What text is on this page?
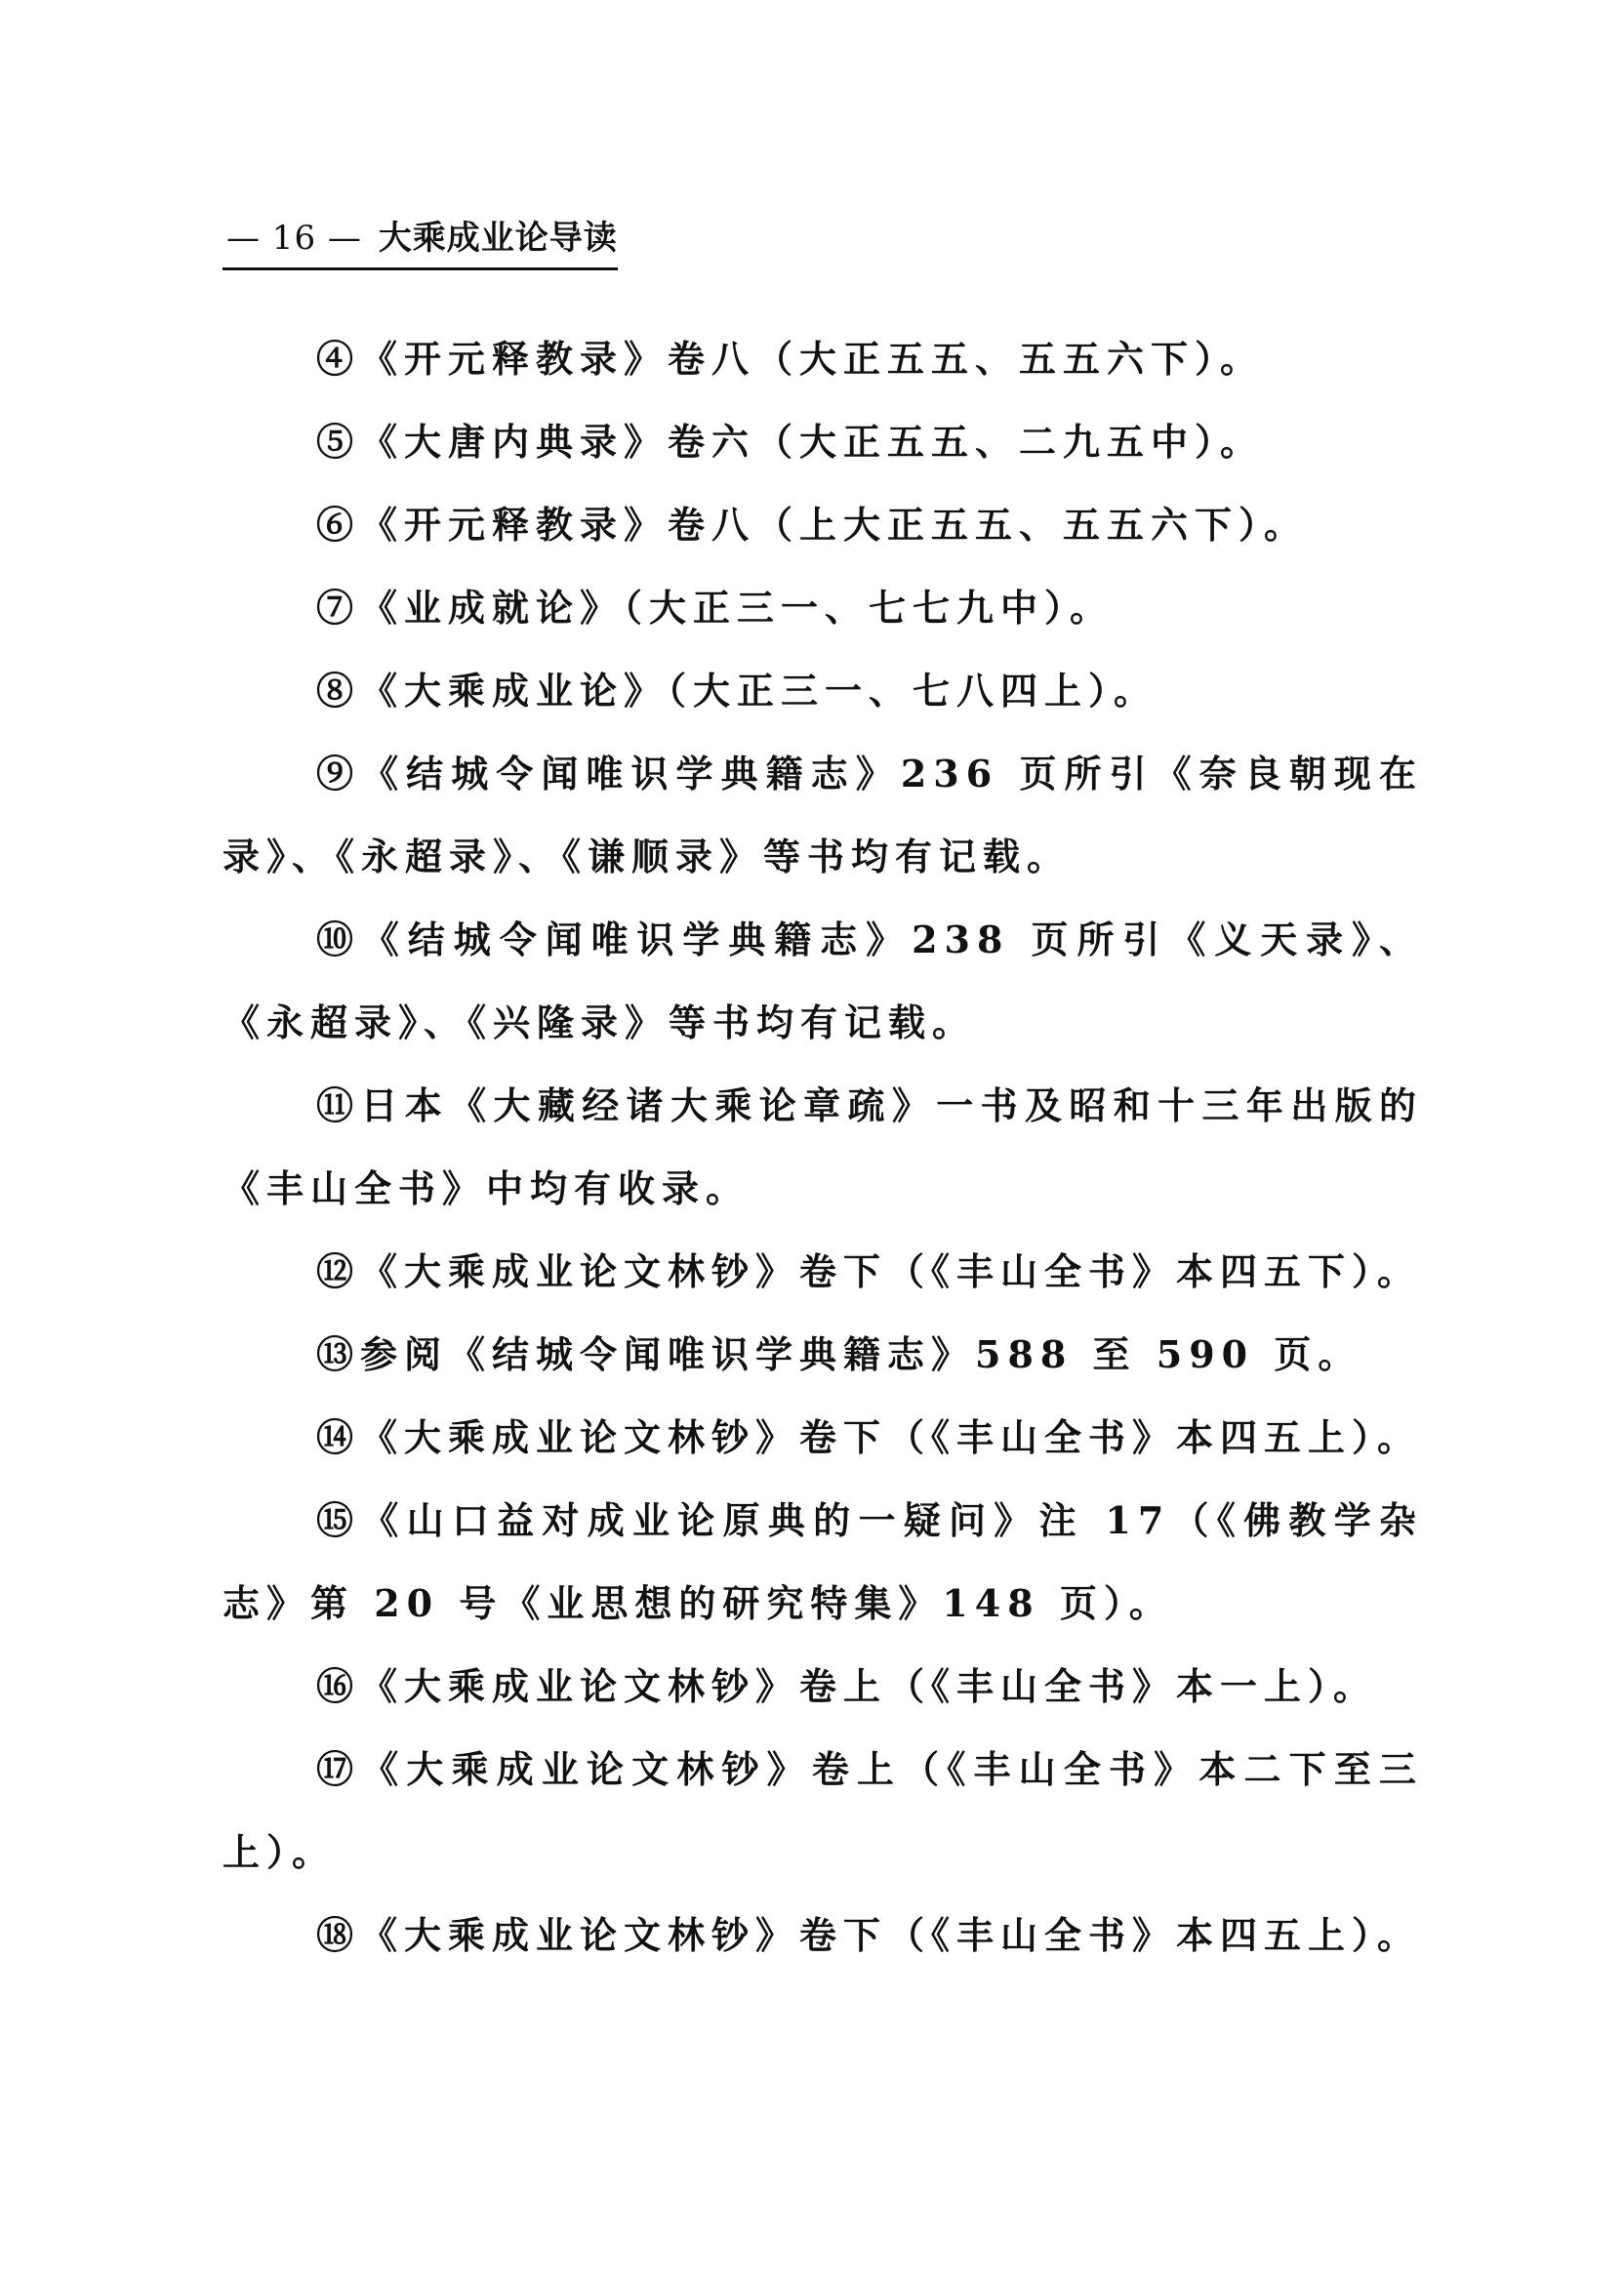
— 16 — 大乘成业论导读

④《开元释教录》卷八（大正五五、五五六下）。

⑤《大唐内典录》卷六（大正五五、二九五中）。

⑥《开元释教录》卷八（上大正五五、五五六下）。

⑦《业成就论》（大正三一、七七九中）。

⑧《大乘成业论》（大正三一、七八四上）。

⑨《结城令闻唯识学典籍志》236 页所引《奈良朝现在录》、《永超录》、《谦顺录》等书均有记载。

⑩《结城令闻唯识学典籍志》238 页所引《义天录》、《永超录》、《兴隆录》等书均有记载。

⑪日本《大藏经诸大乘论章疏》一书及昭和十三年出版的《丰山全书》中均有收录。

⑫《大乘成业论文林钞》卷下（《丰山全书》本四五下）。

⑬参阅《结城令闻唯识学典籍志》588 至 590 页。

⑭《大乘成业论文林钞》卷下（《丰山全书》本四五上）。

⑮《山口益对成业论原典的一疑问》注 17（《佛教学杂志》第 20 号《业思想的研究特集》148 页）。

⑯《大乘成业论文林钞》卷上（《丰山全书》本一上）。

⑰《大乘成业论文林钞》卷上（《丰山全书》本二下至三上）。

⑱《大乘成业论文林钞》卷下（《丰山全书》本四五上）。
